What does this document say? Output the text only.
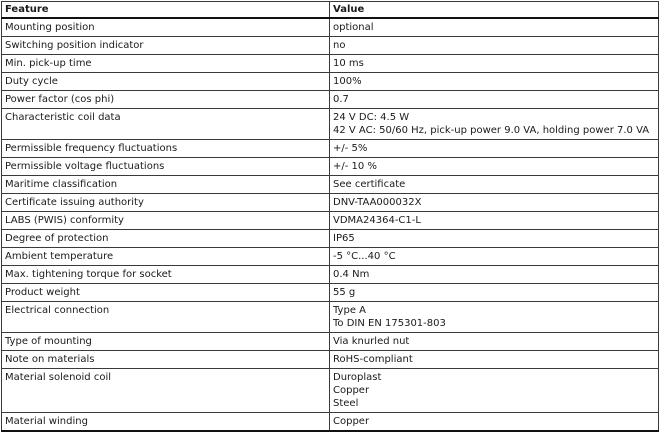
Feature	Value
Mounting position	optional

Switching position indicator	no

Min. pick-up time	10 ms

Duty cycle	100%

Power factor (cos phi)	0.7

Characteristic coil data	24 V DC: 4.5 W
42 V AC: 50/60 Hz, pick-up power 9.0 VA, holding power 7.0 VA

Permissible frequency fluctuations	+/- 5%

Permissible voltage fluctuations	+/- 10 %

Maritime classification	See certificate

Certificate issuing authority	DNV-TAA000032X

LABS (PWIS) conformity	VDMA24364-C1-L

Degree of protection	IP65

Ambient temperature	-5 °C...40 °C

Max. tightening torque for socket	0.4 Nm

Product weight	55 g

Electrical connection	Type A
To DIN EN 175301-803

Type of mounting	Via knurled nut

Note on materials	RoHS-compliant

Material solenoid coil	Duroplast
Copper
Steel

Material winding	Copper
